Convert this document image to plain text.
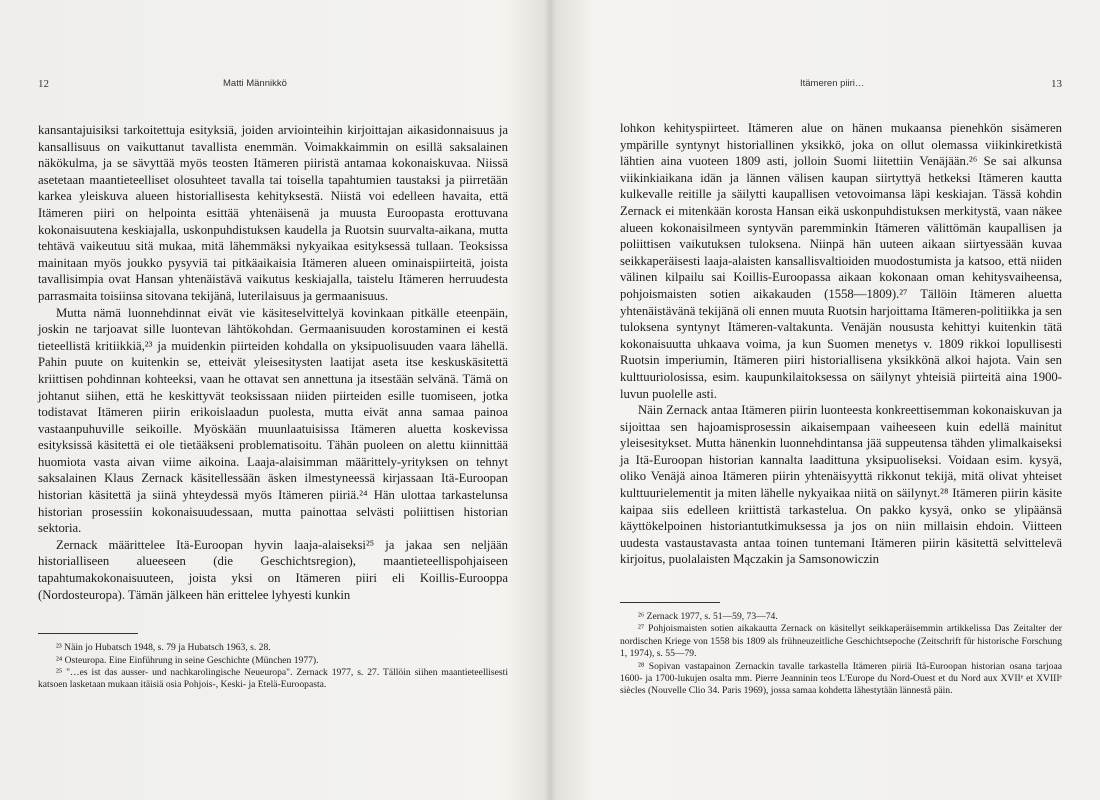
12	Matti Männikkö

kansantajuisiksi tarkoitettuja esityksiä, joiden arviointeihin kirjoittajan aikasidonnaisuus ja kansallisuus on vaikuttanut tavallista enemmän. Voimakkaimmin on esillä saksalainen näkökulma, ja se sävyttää myös teosten Itämeren piiristä antamaa kokonaiskuvaa. Niissä asetetaan maantieteelliset olosuhteet tavalla tai toisella tapahtumien taustaksi ja piirretään karkea yleiskuva alueen historiallisesta kehityksestä. Niistä voi edelleen havaita, että Itämeren piiri on helpointa esittää yhtenäisenä ja muusta Euroopasta erottuvana kokonaisuutena keskiajalla, uskonpuhdistuksen kaudella ja Ruotsin suurvalta-aikana, mutta tehtävä vaikeutuu sitä mukaa, mitä lähemmäksi nykyaikaa esityksessä tullaan. Teoksissa mainitaan myös joukko pysyviä tai pitkäaikaisia Itämeren alueen ominaispiirteitä, joista tavallisimpia ovat Hansan yhtenäistävä vaikutus keskiajalla, taistelu Itämeren herruudesta parrasmaita toisiinsa sitovana tekijänä, luterilaisuus ja germaanisuus.

Mutta nämä luonnehdinnat eivät vie käsiteselvittelyä kovinkaan pitkälle eteenpäin, joskin ne tarjoavat sille luontevan lähtökohdan. Germaanisuuden korostaminen ei kestä tieteellistä kritiikkiä,²³ ja muidenkin piirteiden kohdalla on yksipuolisuuden vaara lähellä. Pahin puute on kuitenkin se, etteivät yleisesitysten laatijat aseta itse keskuskäsitettä kriittisen pohdinnan kohteeksi, vaan he ottavat sen annettuna ja itsestään selvänä. Tämä on johtanut siihen, että he keskittyvät teoksissaan niiden piirteiden esille tuomiseen, jotka todistavat Itämeren piirin erikoislaadun puolesta, mutta eivät anna samaa painoa vastaanpuhuville seikoille. Myöskään muunlaatuisissa Itämeren aluetta koskevissa esityksissä käsitettä ei ole tietääkseni problematisoitu. Tähän puoleen on alettu kiinnittää huomiota vasta aivan viime aikoina. Laaja-alaisimman määrittely-yrityksen on tehnyt saksalainen Klaus Zernack käsitellessään äsken ilmestyneessä kirjassaan Itä-Euroopan historian käsitettä ja siinä yhteydessä myös Itämeren piiriä.²⁴ Hän ulottaa tarkastelunsa historian prosessiin kokonaisuudessaan, mutta painottaa selvästi poliittisen historian sektoria.

Zernack määrittelee Itä-Euroopan hyvin laaja-alaiseksi²⁵ ja jakaa sen neljään historialliseen alueeseen (die Geschichtsregion), maantieteellispohjaiseen tapahtumakokonaisuuteen, joista yksi on Itämeren piiri eli Koillis-Eurooppa (Nordosteuropa). Tämän jälkeen hän erittelee lyhyesti kunkin

²³ Näin jo Hubatsch 1948, s. 79 ja Hubatsch 1963, s. 28.

²⁴ Osteuropa. Eine Einführung in seine Geschichte (München 1977).

²⁵ "…es ist das ausser- und nachkarolingische Neueuropa". Zernack 1977, s. 27. Tällöin siihen maantieteellisesti katsoen lasketaan mukaan itäisiä osia Pohjois-, Keski- ja Etelä-Euroopasta.

Itämeren piiri…	13

lohkon kehityspiirteet. Itämeren alue on hänen mukaansa pienehkön sisämeren ympärille syntynyt historiallinen yksikkö, joka on ollut olemassa viikinkiretkistä lähtien aina vuoteen 1809 asti, jolloin Suomi liitettiin Venäjään.²⁶ Se sai alkunsa viikinkiaikana idän ja lännen välisen kaupan siirtyttyä hetkeksi Itämeren kautta kulkevalle reitille ja säilytti kaupallisen vetovoimansa läpi keskiajan. Tässä kohdin Zernack ei mitenkään korosta Hansan eikä uskonpuhdistuksen merkitystä, vaan näkee alueen kokonaisilmeen syntyvän paremminkin Itämeren välittömän kaupallisen ja poliittisen vaikutuksen tuloksena. Niinpä hän uuteen aikaan siirtyessään kuvaa seikkaperäisesti laaja-alaisten kansallisvaltioiden muodostumista ja katsoo, että niiden välinen kilpailu sai Koillis-Euroopassa aikaan kokonaan oman kehitysvaiheensa, pohjoismaisten sotien aikakauden (1558—1809).²⁷ Tällöin Itämeren aluetta yhtenäistävänä tekijänä oli ennen muuta Ruotsin harjoittama Itämeren-politiikka ja sen tuloksena syntynyt Itämeren-valtakunta. Venäjän noususta kehittyi kuitenkin tätä kokonaisuutta uhkaava voima, ja kun Suomen menetys v. 1809 rikkoi lopullisesti Ruotsin imperiumin, Itämeren piiri historiallisena yksikkönä alkoi hajota. Vain sen kulttuuriolosissa, esim. kaupunkilaitoksessa on säilynyt yhteisiä piirteitä aina 1900-luvun puolelle asti.

Näin Zernack antaa Itämeren piirin luonteesta konkreettisemman kokonaiskuvan ja sijoittaa sen hajoamisprosessin aikaisempaan vaiheeseen kuin edellä mainitut yleisesitykset. Mutta hänenkin luonnehdintansa jää suppeutensa tähden ylimalkaiseksi ja Itä-Euroopan historian kannalta laadittuna yksipuoliseksi. Voidaan esim. kysyä, oliko Venäjä ainoa Itämeren piirin yhtenäisyyttä rikkonut tekijä, mitä olivat yhteiset kulttuurielementit ja miten lähelle nykyaikaa niitä on säilynyt.²⁸ Itämeren piirin käsite kaipaa siis edelleen kriittistä tarkastelua. On pakko kysyä, onko se ylipäänsä käyttökelpoinen historiantutkimuksessa ja jos on niin millaisin ehdoin. Viitteen uudesta vastaustavasta antaa toinen tuntemani Itämeren piirin käsitettä selvittelevä kirjoitus, puolalaisten Mączakin ja Samsonowiczin

²⁶ Zernack 1977, s. 51—59, 73—74.

²⁷ Pohjoismaisten sotien aikakautta Zernack on käsitellyt seikkaperäisemmin artikkelissa Das Zeitalter der nordischen Kriege von 1558 bis 1809 als frühneuzeitliche Geschichtsepoche (Zeitschrift für historische Forschung 1, 1974), s. 55—79.

²⁸ Sopivan vastapainon Zernackin tavalle tarkastella Itämeren piiriä Itä-Euroopan historian osana tarjoaa 1600- ja 1700-lukujen osalta mm. Pierre Jeanninin teos L'Europe du Nord-Ouest et du Nord aux XVIIᵉ et XVIIIᵉ siècles (Nouvelle Clio 34. Paris 1969), jossa samaa kohdetta lähestytään lännestä päin.
